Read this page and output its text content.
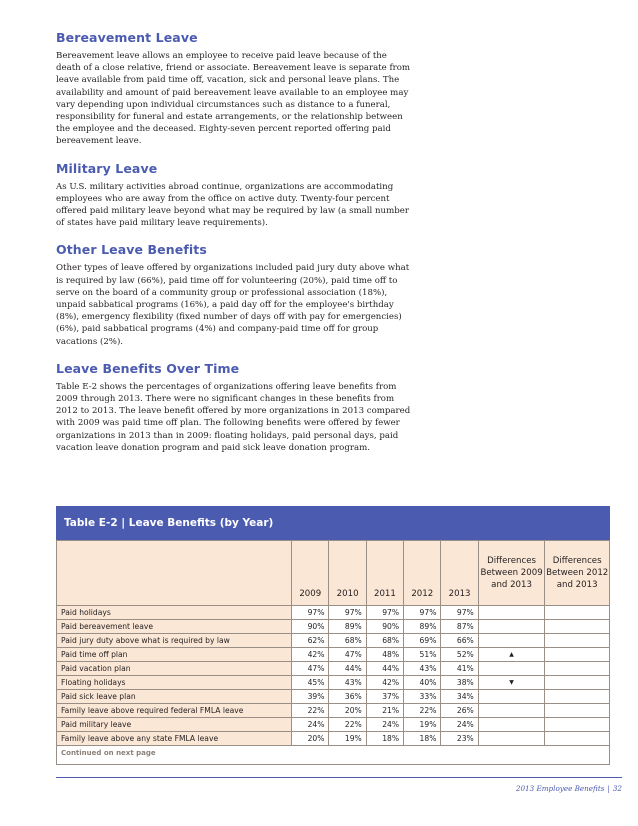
Bereavement Leave

Bereavement leave allows an employee to receive paid leave because of the death of a close relative, friend or associate. Bereavement leave is separate from leave available from paid time off, vacation, sick and personal leave plans. The availability and amount of paid bereavement leave available to an employee may vary depending upon individual circumstances such as distance to a funeral, responsibility for funeral and estate arrangements, or the relationship between the employee and the deceased. Eighty-seven percent reported offering paid bereavement leave.

Military Leave

As U.S. military activities abroad continue, organizations are accommodating employees who are away from the office on active duty. Twenty-four percent offered paid military leave beyond what may be required by law (a small number of states have paid military leave requirements).

Other Leave Benefits

Other types of leave offered by organizations included paid jury duty above what is required by law (66%), paid time off for volunteering (20%), paid time off to serve on the board of a community group or professional association (18%), unpaid sabbatical programs (16%), a paid day off for the employee's birthday (8%), emergency flexibility (fixed number of days off with pay for emergencies) (6%), paid sabbatical programs (4%) and company-paid time off for group vacations (2%).

Leave Benefits Over Time

Table E-2 shows the percentages of organizations offering leave benefits from 2009 through 2013. There were no significant changes in these benefits from 2012 to 2013. The leave benefit offered by more organizations in 2013 compared with 2009 was paid time off plan. The following benefits were offered by fewer organizations in 2013 than in 2009: floating holidays, paid personal days, paid vacation leave donation program and paid sick leave donation program.

Table E-2 | Leave Benefits (by Year)
	2009	2010	2011	2012	2013	Differences Between 2009 and 2013	Differences Between 2012 and 2013
Paid holidays	97%	97%	97%	97%	97%		
Paid bereavement leave	90%	89%	90%	89%	87%		
Paid jury duty above what is required by law	62%	68%	68%	69%	66%		
Paid time off plan	42%	47%	48%	51%	52%	▲	
Paid vacation plan	47%	44%	44%	43%	41%		
Floating holidays	45%	43%	42%	40%	38%	▼	
Paid sick leave plan	39%	36%	37%	33%	34%		
Family leave above required federal FMLA leave	22%	20%	21%	22%	26%		
Paid military leave	24%	22%	24%	19%	24%		
Family leave above any state FMLA leave	20%	19%	18%	18%	23%		
Continued on next page
2013 Employee Benefits | 32
